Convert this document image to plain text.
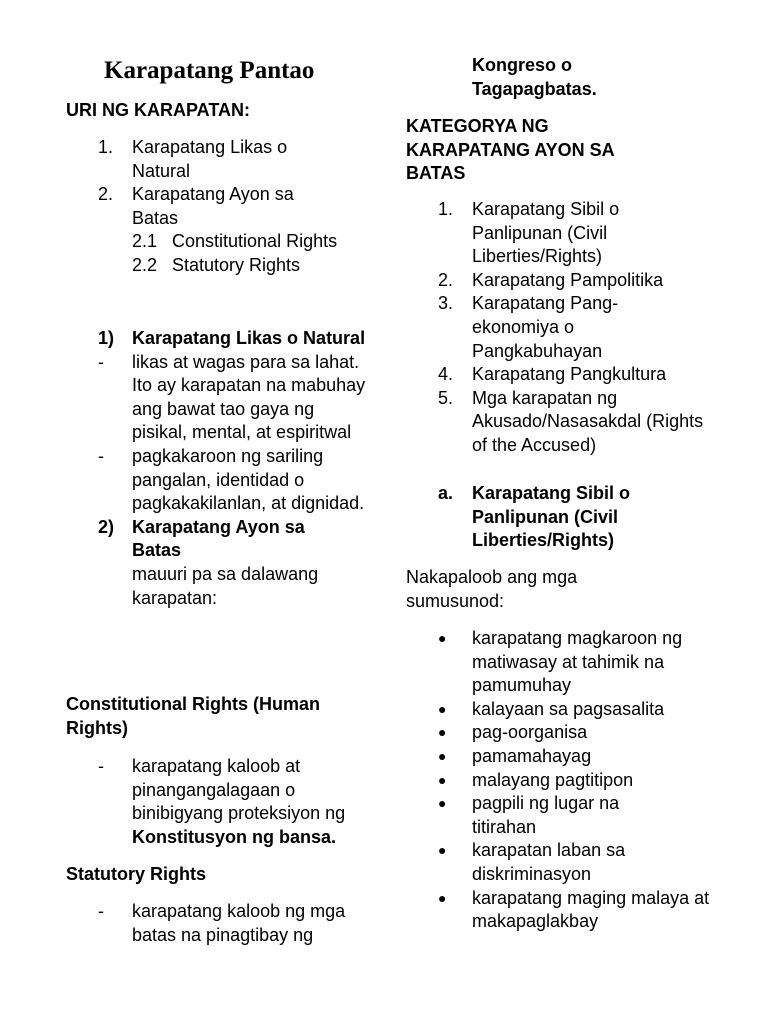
Karapatang Pantao
URI NG KARAPATAN:
1. Karapatang Likas o Natural
2. Karapatang Ayon sa Batas
2.1 Constitutional Rights
2.2 Statutory Rights
1) Karapatang Likas o Natural
- likas at wagas para sa lahat. Ito ay karapatan na mabuhay ang bawat tao gaya ng pisikal, mental, at espiritwal
- pagkakaroon ng sariling pangalan, identidad o pagkakakilanlan, at dignidad.
2) Karapatang Ayon sa Batas
mauuri pa sa dalawang karapatan:
Constitutional Rights (Human Rights)
- karapatang kaloob at pinangangalagaan o binibigyang proteksiyon ng Konstitusyon ng bansa.
Statutory Rights
- karapatang kaloob ng mga batas na pinagtibay ng
Kongreso o Tagapagbatas.
KATEGORYA NG KARAPATANG AYON SA BATAS
1. Karapatang Sibil o Panlipunan (Civil Liberties/Rights)
2. Karapatang Pampolitika
3. Karapatang Pang-ekonomiya o Pangkabuhayan
4. Karapatang Pangkultura
5. Mga karapatan ng Akusado/Nasasakdal (Rights of the Accused)
a. Karapatang Sibil o Panlipunan (Civil Liberties/Rights)
Nakapaloob ang mga sumusunod:
● karapatang magkaroon ng matiwasay at tahimik na pamumuhay
● kalayaan sa pagsasalita
● pag-oorganisa
● pamamahayag
● malayang pagtitipon
● pagpili ng lugar na titirahan
● karapatan laban sa diskriminasyon
● karapatang maging malaya at makapaglakbay
